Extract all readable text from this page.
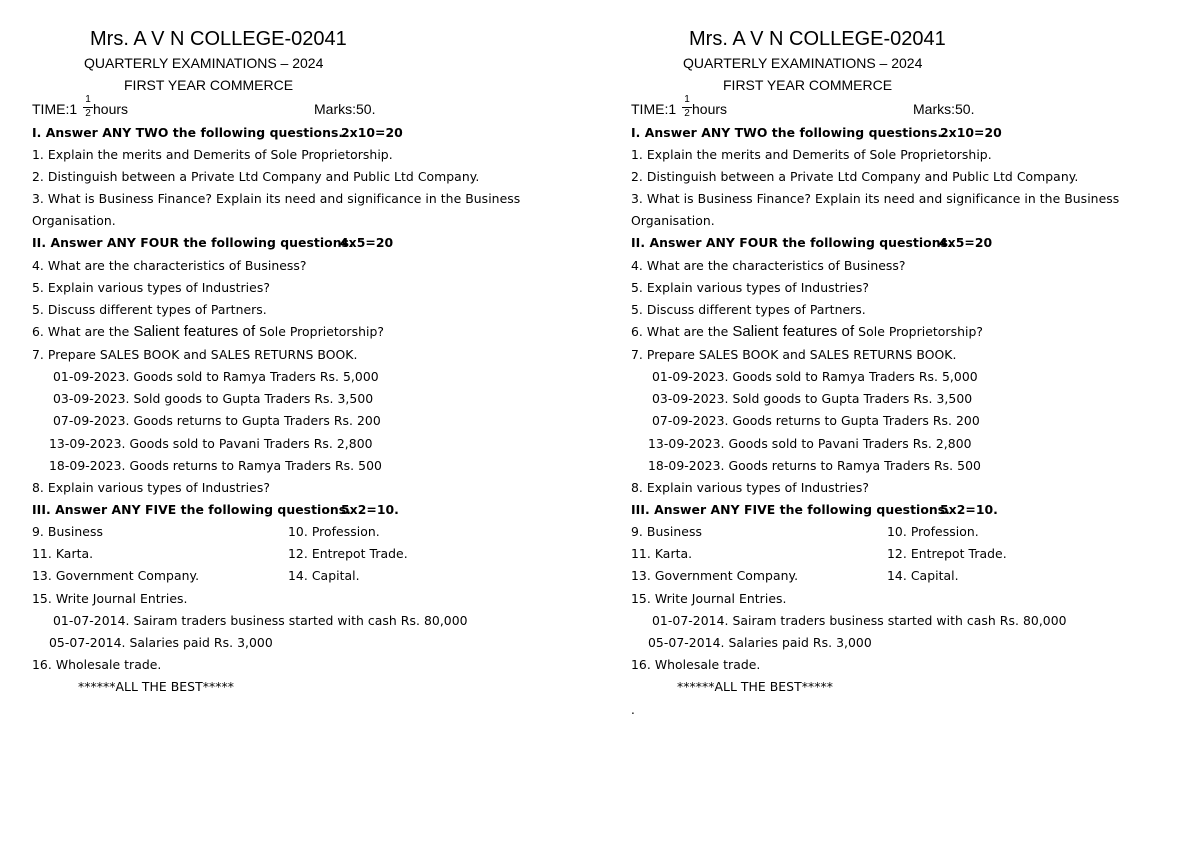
Mrs. A V N COLLEGE-02041
QUARTERLY EXAMINATIONS – 2024
FIRST YEAR COMMERCE
TIME:1
1
2 hours	Marks:50.
I. Answer ANY TWO the following questions.
2x10=20
1. Explain the merits and Demerits of Sole Proprietorship.
2. Distinguish between a Private Ltd Company and Public Ltd Company.
3. What is Business Finance? Explain its need and significance in the Business
Organisation.
II. Answer ANY FOUR the following questions.
4x5=20
4. What are the characteristics of Business?
5. Explain various types of Industries?
5. Discuss different types of Partners.
6. What are the Salient features of Sole Proprietorship?
7. Prepare SALES BOOK and SALES RETURNS BOOK.
01-09-2023. Goods sold to Ramya Traders Rs. 5,000
03-09-2023. Sold goods to Gupta Traders Rs. 3,500
07-09-2023. Goods returns to Gupta Traders Rs. 200
13-09-2023. Goods sold to Pavani Traders Rs. 2,800
18-09-2023. Goods returns to Ramya Traders Rs. 500
8. Explain various types of Industries?
III. Answer ANY FIVE the following questions.
5x2=10.
9. Business	10. Profession.
11. Karta.	12. Entrepot Trade.
13. Government Company.	14. Capital.
15. Write Journal Entries.
01-07-2014. Sairam traders business started with cash Rs. 80,000
05-07-2014. Salaries paid Rs. 3,000
16. Wholesale trade.
******ALL THE BEST*****
Mrs. A V N COLLEGE-02041
QUARTERLY EXAMINATIONS – 2024
FIRST YEAR COMMERCE
TIME:1
1
2 hours	Marks:50.
I. Answer ANY TWO the following questions.
2x10=20
1. Explain the merits and Demerits of Sole Proprietorship.
2. Distinguish between a Private Ltd Company and Public Ltd Company.
3. What is Business Finance? Explain its need and significance in the Business
Organisation.
II. Answer ANY FOUR the following questions.
4x5=20
4. What are the characteristics of Business?
5. Explain various types of Industries?
5. Discuss different types of Partners.
6. What are the Salient features of Sole Proprietorship?
7. Prepare SALES BOOK and SALES RETURNS BOOK.
01-09-2023. Goods sold to Ramya Traders Rs. 5,000
03-09-2023. Sold goods to Gupta Traders Rs. 3,500
07-09-2023. Goods returns to Gupta Traders Rs. 200
13-09-2023. Goods sold to Pavani Traders Rs. 2,800
18-09-2023. Goods returns to Ramya Traders Rs. 500
8. Explain various types of Industries?
III. Answer ANY FIVE the following questions.
5x2=10.
9. Business	10. Profession.
11. Karta.	12. Entrepot Trade.
13. Government Company.	14. Capital.
15. Write Journal Entries.
01-07-2014. Sairam traders business started with cash Rs. 80,000
05-07-2014. Salaries paid Rs. 3,000
16. Wholesale trade.
******ALL THE BEST*****
.
